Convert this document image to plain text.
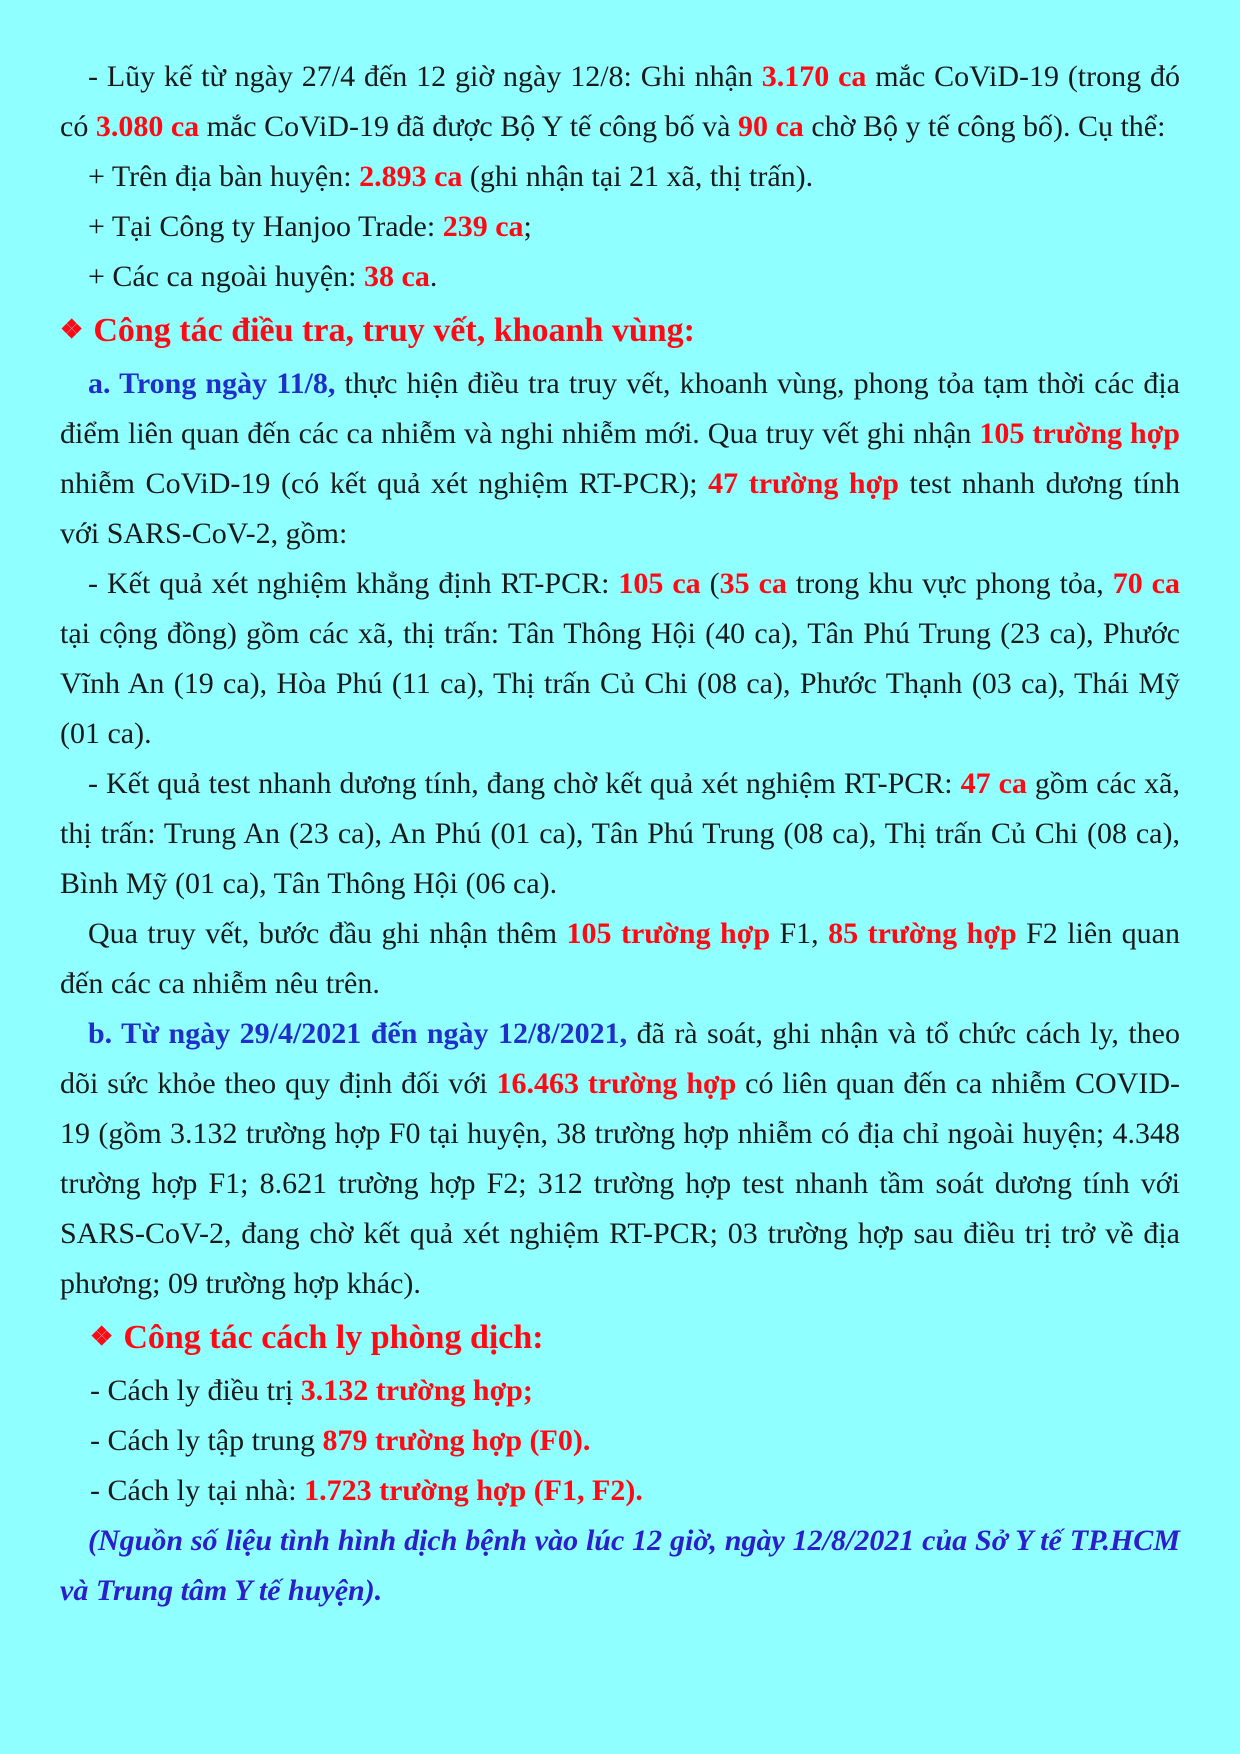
- Lũy kế từ ngày 27/4 đến 12 giờ ngày 12/8: Ghi nhận 3.170 ca mắc CoViD-19 (trong đó có 3.080 ca mắc CoViD-19 đã được Bộ Y tế công bố và 90 ca chờ Bộ y tế công bố). Cụ thể:

+ Trên địa bàn huyện: 2.893 ca (ghi nhận tại 21 xã, thị trấn).

+ Tại Công ty Hanjoo Trade: 239 ca;

+ Các ca ngoài huyện: 38 ca.

❖ Công tác điều tra, truy vết, khoanh vùng:

a. Trong ngày 11/8, thực hiện điều tra truy vết, khoanh vùng, phong tỏa tạm thời các địa điểm liên quan đến các ca nhiễm và nghi nhiễm mới. Qua truy vết ghi nhận 105 trường hợp nhiễm CoViD-19 (có kết quả xét nghiệm RT-PCR); 47 trường hợp test nhanh dương tính với SARS-CoV-2, gồm:

- Kết quả xét nghiệm khẳng định RT-PCR: 105 ca (35 ca trong khu vực phong tỏa, 70 ca tại cộng đồng) gồm các xã, thị trấn: Tân Thông Hội (40 ca), Tân Phú Trung (23 ca), Phước Vĩnh An (19 ca), Hòa Phú (11 ca), Thị trấn Củ Chi (08 ca), Phước Thạnh (03 ca), Thái Mỹ (01 ca).

- Kết quả test nhanh dương tính, đang chờ kết quả xét nghiệm RT-PCR: 47 ca gồm các xã, thị trấn: Trung An (23 ca), An Phú (01 ca), Tân Phú Trung (08 ca), Thị trấn Củ Chi (08 ca), Bình Mỹ (01 ca), Tân Thông Hội (06 ca).

Qua truy vết, bước đầu ghi nhận thêm 105 trường hợp F1, 85 trường hợp F2 liên quan đến các ca nhiễm nêu trên.

b. Từ ngày 29/4/2021 đến ngày 12/8/2021, đã rà soát, ghi nhận và tổ chức cách ly, theo dõi sức khỏe theo quy định đối với 16.463 trường hợp có liên quan đến ca nhiễm COVID-19 (gồm 3.132 trường hợp F0 tại huyện, 38 trường hợp nhiễm có địa chỉ ngoài huyện; 4.348 trường hợp F1; 8.621 trường hợp F2; 312 trường hợp test nhanh tầm soát dương tính với SARS-CoV-2, đang chờ kết quả xét nghiệm RT-PCR; 03 trường hợp sau điều trị trở về địa phương; 09 trường hợp khác).

❖ Công tác cách ly phòng dịch:

- Cách ly điều trị 3.132 trường hợp;

- Cách ly tập trung 879 trường hợp (F0).

- Cách ly tại nhà: 1.723 trường hợp (F1, F2).

(Nguồn số liệu tình hình dịch bệnh vào lúc 12 giờ, ngày 12/8/2021 của Sở Y tế TP.HCM và Trung tâm Y tế huyện).
